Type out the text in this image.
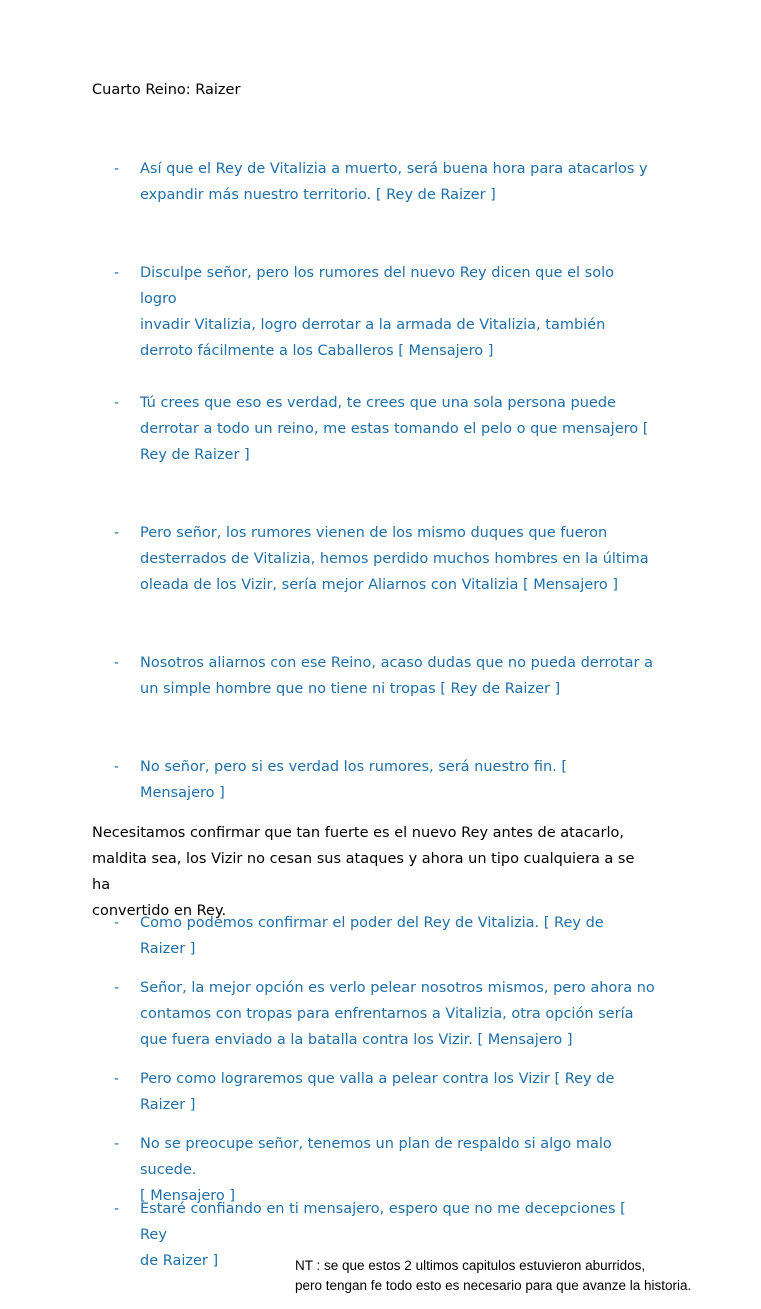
Cuarto Reino: Raizer
- Así que el Rey de Vitalizia a muerto, será buena hora para atacarlos y
expandir más nuestro territorio. [ Rey de Raizer ]
- Disculpe señor, pero los rumores del nuevo Rey dicen que el solo logro
invadir Vitalizia, logro derrotar a la armada de Vitalizia, también
derroto fácilmente a los Caballeros [ Mensajero ]
- Tú crees que eso es verdad, te crees que una sola persona puede
derrotar a todo un reino, me estas tomando el pelo o que mensajero [
Rey de Raizer ]
- Pero señor, los rumores vienen de los mismo duques que fueron
desterrados de Vitalizia, hemos perdido muchos hombres en la última
oleada de los Vizir, sería mejor Aliarnos con Vitalizia [ Mensajero ]
- Nosotros aliarnos con ese Reino, acaso dudas que no pueda derrotar a
un simple hombre que no tiene ni tropas [ Rey de Raizer ]
- No señor, pero si es verdad los rumores, será nuestro fin. [
Mensajero ]
Necesitamos confirmar que tan fuerte es el nuevo Rey antes de atacarlo,
maldita sea, los Vizir no cesan sus ataques y ahora un tipo cualquiera a se ha
convertido en Rey.
- Como podemos confirmar el poder del Rey de Vitalizia. [ Rey de
Raizer ]
- Señor, la mejor opción es verlo pelear nosotros mismos, pero ahora no
contamos con tropas para enfrentarnos a Vitalizia, otra opción sería
que fuera enviado a la batalla contra los Vizir. [ Mensajero ]
- Pero como lograremos que valla a pelear contra los Vizir [ Rey de
Raizer ]
- No se preocupe señor, tenemos un plan de respaldo si algo malo sucede.
[ Mensajero ]
- Estaré confiando en ti mensajero, espero que no me decepciones [ Rey
de Raizer ]	NT : se que estos 2 ultimos capitulos estuvieron aburridos,
pero tengan fe todo esto es necesario para que avanze la historia.
